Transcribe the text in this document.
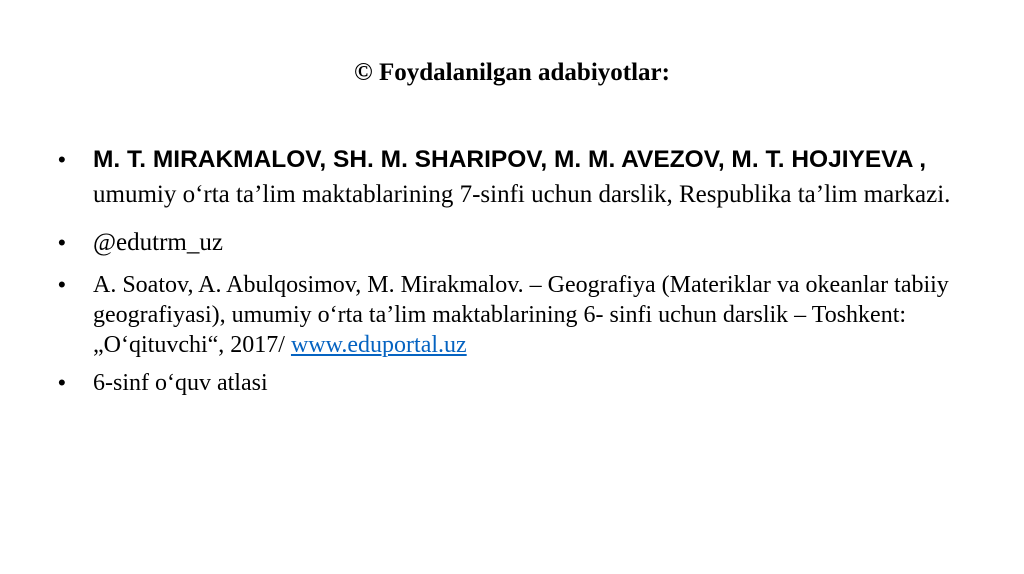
© Foydalanilgan adabiyotlar:
• M. T. MIRAKMALOV, SH. M. SHARIPOV, M. M. AVEZOV, M. T. HOJIYEVA , umumiy o‘rta ta’lim maktablarining 7-sinfi uchun darslik, Respublika ta’lim markazi.
• @edutrm_uz
• A. Soatov, A. Abulqosimov, M. Mirakmalov. – Geografiya (Materiklar va okeanlar tabiiy geografiyasi), umumiy o‘rta ta’lim maktablarining 6- sinfi uchun darslik – Toshkent: „O‘qituvchi“, 2017/ www.eduportal.uz
• 6-sinf o‘quv atlasi
